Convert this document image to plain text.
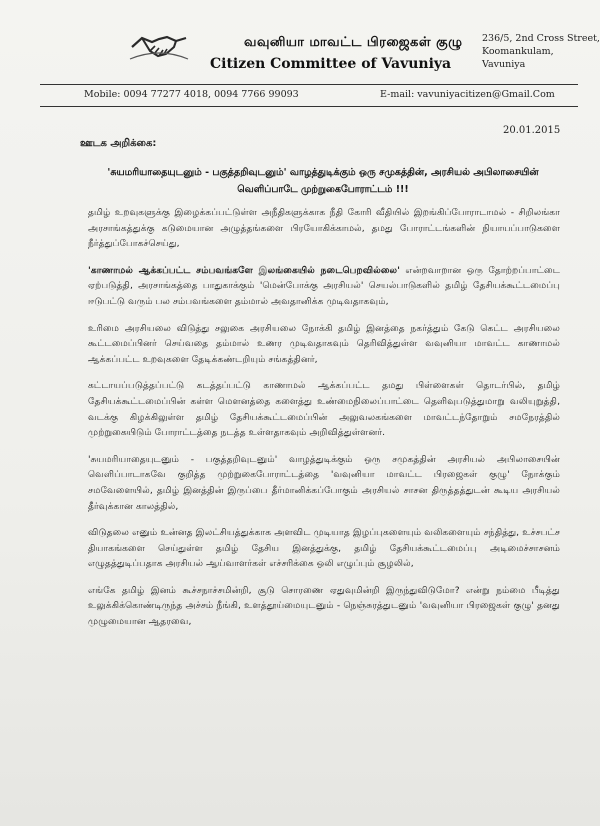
வவுனியா மாவட்ட பிரஜைகள் குழு
Citizen Committee of Vavuniya
236/5, 2nd Cross Street,
Koomankulam,
Vavuniya
Mobile: 0094 77277 4018, 0094 7766 99093	E-mail: vavuniyacitizen@Gmail.Com
20.01.2015
ஊடக அறிக்கை:
'சுயமரியாதையுடனும் - பகுத்தறிவுடனும்' வாழத்துடிக்கும் ஒரு சமுகத்தின், அரசியல் அபிலாசையின் வெளிப்பாடே முற்றுகைபோராட்டம் !!!

தமிழ் உறவுகளுக்கு இழைக்கப்பட்டுள்ள அநீதிகளுக்காக நீதி கோரி வீதியில் இறங்கிப்போராடாமல் - சிறிலங்கா அரசாங்கத்துக்கு கடுமையான அழுத்தங்களை பிரயோகிக்காமல், தமது போராட்டங்களின் நியாயப்பாடுகளை நீர்த்துப்போகச்செய்து,

'காணாமல் ஆக்கப்பட்ட சம்பவங்களே இலங்கையில் நடைபெறவில்லை' என்றவாறான ஒரு தோற்றப்பாட்டை ஏற்படுத்தி, அரசாங்கத்தை பாதுகாக்கும் 'மென்போக்கு அரசியல்' செயல்பாடுகளில் தமிழ் தேசியக்கூட்டமைப்பு ஈடுபட்டு வரும் பல சம்பவங்களை தம்மால் அவதானிக்க முடிவதாகவும்,

உரிமை அரசியலை விடுத்து சலுகை அரசியலை நோக்கி தமிழ் இனத்தை நகர்த்தும் கேடு கெட்ட அரசியலை கூட்டமைப்பினர் செய்வதை தம்மால் உணர முடிவதாகவும் தெரிவித்துள்ள வவுனியா மாவட்ட காணாமல் ஆக்கப்பட்ட உறவுகளை தேடிக்கண்டறியும் சங்கத்தினர்,

கட்டாயப்படுத்தப்பட்டு கடத்தப்பட்டு காணாமல் ஆக்கப்பட்ட தமது பிள்ளைகள் தொடர்பில், தமிழ் தேசியக்கூட்டமைப்பின் கள்ள மௌனத்தை களைத்து உண்மைநிலைப்பாட்டை தெளிவுபடுத்துமாறு வலியுறுத்தி, வடக்கு கிழக்கிலுள்ள தமிழ் தேசியக்கூட்டமைப்பின் அலுவலகங்களை மாவட்டந்தோறும் சமநேரத்தில் முற்றுகையிடும் போராட்டத்தை நடத்த உள்ளதாகவும் அறிவித்துள்ளனர்.

'சுயமரியாதையுடனும் - பகுத்தறிவுடனும்' வாழத்துடிக்கும் ஒரு சமுகத்தின் அரசியல் அபிலாசையின் வெளிப்பாடாகவே குறித்த முற்றுகைபோராட்டத்தை 'வவுனியா மாவட்ட பிரஜைகள் குழு' நோக்கும் சமவேளையில், தமிழ் இனத்தின் இருப்பை தீர்மானிக்கப்போகும் அரசியல் சாசன திருத்தத்துடன் கூடிய அரசியல் தீர்வுக்கான காலத்தில்,

விடுதலை எனும் உன்னத இலட்சியத்துக்காக அளவிட முடியாத இழப்புகளையும் வலிகளையும் சந்தித்து, உச்சபட்ச தியாகங்களை செய்துள்ள தமிழ் தேசிய இனத்துக்கு, தமிழ் தேசியக்கூட்டமைப்பு அடிமைச்சாசனம் எழுதத்துடிப்பதாக அரசியல் ஆய்வாளர்கள் எச்சரிக்கை ஒலி எழுப்பும் சூழலில்,

எங்கே தமிழ் இனம் கூச்சநாச்சமின்றி, சூடு சொரணை ஏதுவுமின்றி இருந்துவிடுமோ? என்று நம்மை பீடித்து உலுக்கிக்கொண்டிருந்த அச்சம் நீங்கி, உளத்தூய்மையுடனும் - நெஞ்சுரத்துடனும் 'வவுனியா பிரஜைகள் குழு' தனது முழுமையான ஆதரவை,
